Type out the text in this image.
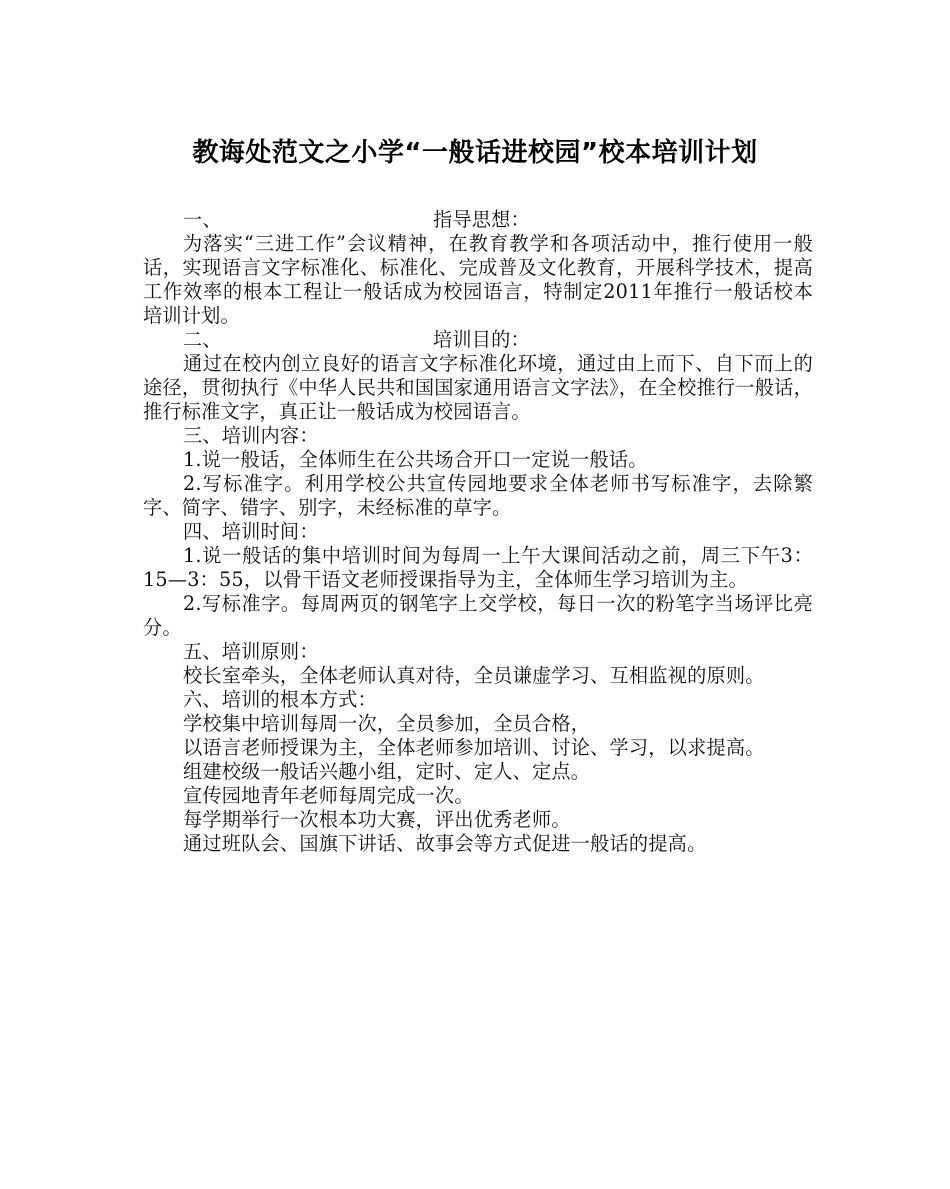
教诲处范文之小学“一般话进校园”校本培训计划
一、	指导思想：

为落实“三进工作”会议精神，在教育教学和各项活动中，推行使用一般话，实现语言文字标准化、标准化、完成普及文化教育，开展科学技术，提高工作效率的根本工程让一般话成为校园语言，特制定2011年推行一般话校本培训计划。

二、	培训目的：

通过在校内创立良好的语言文字标准化环境，通过由上而下、自下而上的途径，贯彻执行《中华人民共和国国家通用语言文字法》，在全校推行一般话，推行标准文字，真正让一般话成为校园语言。

三、培训内容：

1.说一般话，全体师生在公共场合开口一定说一般话。

2.写标准字。利用学校公共宣传园地要求全体老师书写标准字，去除繁字、简字、错字、别字，未经标准的草字。

四、培训时间：

1.说一般话的集中培训时间为每周一上午大课间活动之前，周三下午3：15—3：55，以骨干语文老师授课指导为主，全体师生学习培训为主。

2.写标准字。每周两页的钢笔字上交学校，每日一次的粉笔字当场评比亮分。

五、培训原则：

校长室牵头，全体老师认真对待，全员谦虚学习、互相监视的原则。

六、培训的根本方式：

学校集中培训每周一次，全员参加，全员合格，

以语言老师授课为主，全体老师参加培训、讨论、学习，以求提高。

组建校级一般话兴趣小组，定时、定人、定点。

宣传园地青年老师每周完成一次。

每学期举行一次根本功大赛，评出优秀老师。

通过班队会、国旗下讲话、故事会等方式促进一般话的提高。
